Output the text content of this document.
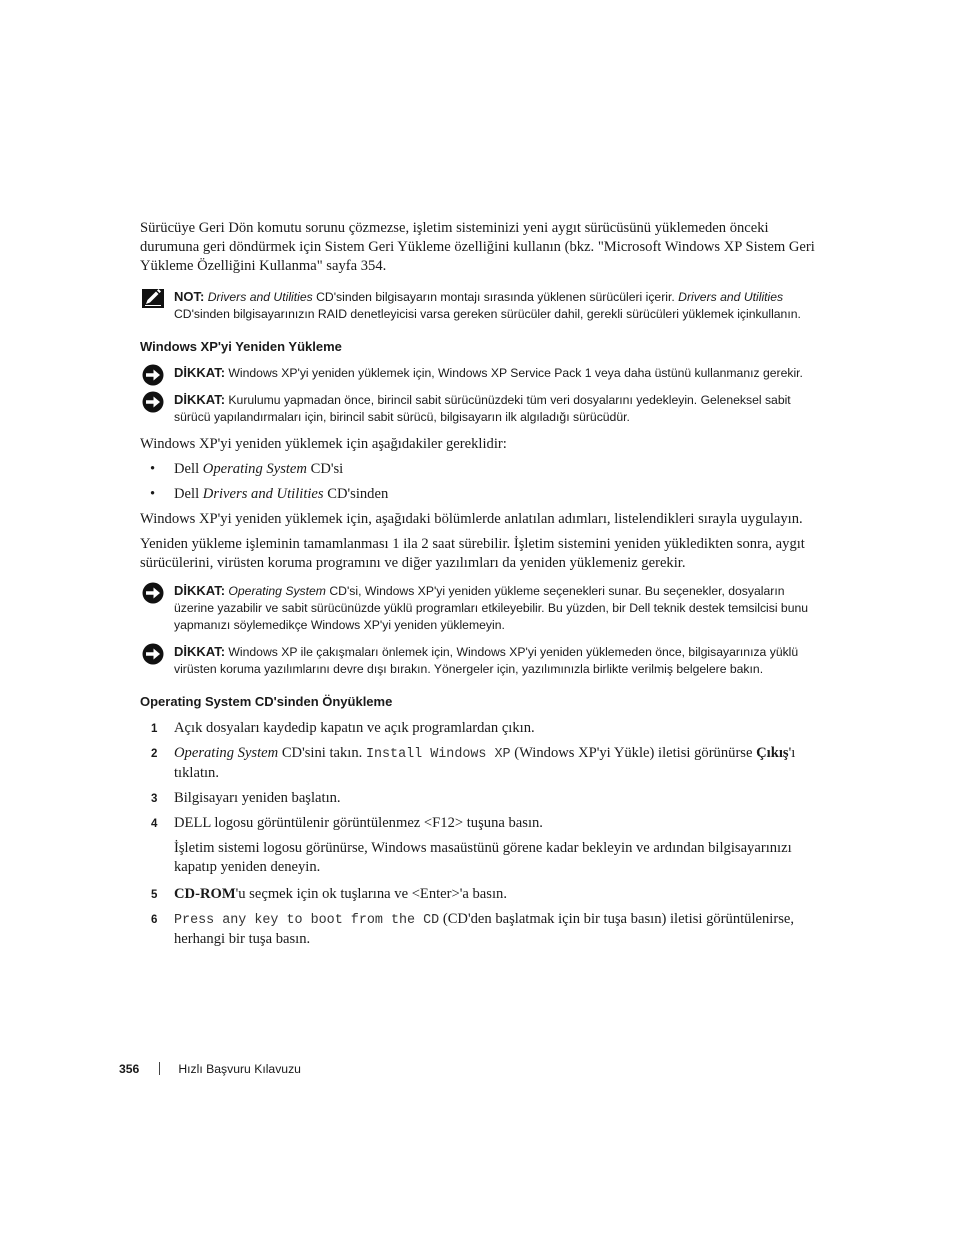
Sürücüye Geri Dön komutu sorunu çözmezse, işletim sisteminizi yeni aygıt sürücüsünü yüklemeden önceki durumuna geri döndürmek için Sistem Geri Yükleme özelliğini kullanın (bkz. "Microsoft Windows XP Sistem Geri Yükleme Özelliğini Kullanma" sayfa 354.

NOT: Drivers and Utilities CD'sinden bilgisayarın montajı sırasında yüklenen sürücüleri içerir. Drivers and Utilities CD'sinden bilgisayarınızın RAID denetleyicisi varsa gereken sürücüler dahil, gerekli sürücüleri yüklemek içinkullanın.
Windows XP'yi Yeniden Yükleme
DİKKAT: Windows XP'yi yeniden yüklemek için, Windows XP Service Pack 1 veya daha üstünü kullanmanız gerekir.
DİKKAT: Kurulumu yapmadan önce, birincil sabit sürücünüzdeki tüm veri dosyalarını yedekleyin. Geleneksel sabit sürücü yapılandırmaları için, birincil sabit sürücü, bilgisayarın ilk algıladığı sürücüdür.

Windows XP'yi yeniden yüklemek için aşağıdakiler gereklidir:

• Dell Operating System CD'si
• Dell Drivers and Utilities CD'sinden

Windows XP'yi yeniden yüklemek için, aşağıdaki bölümlerde anlatılan adımları, listelendikleri sırayla uygulayın.

Yeniden yükleme işleminin tamamlanması 1 ila 2 saat sürebilir. İşletim sistemini yeniden yükledikten sonra, aygıt sürücülerini, virüsten koruma programını ve diğer yazılımları da yeniden yüklemeniz gerekir.

DİKKAT: Operating System CD'si, Windows XP'yi yeniden yükleme seçenekleri sunar. Bu seçenekler, dosyaların üzerine yazabilir ve sabit sürücünüzde yüklü programları etkileyebilir. Bu yüzden, bir Dell teknik destek temsilcisi bunu yapmanızı söylemedikçe Windows XP'yi yeniden yüklemeyin.
DİKKAT: Windows XP ile çakışmaları önlemek için, Windows XP'yi yeniden yüklemeden önce, bilgisayarınıza yüklü virüsten koruma yazılımlarını devre dışı bırakın. Yönergeler için, yazılımınızla birlikte verilmiş belgelere bakın.
Operating System CD'sinden Önyükleme
1 Açık dosyaları kaydedip kapatın ve açık programlardan çıkın.
2 Operating System CD'sini takın. Install Windows XP (Windows XP'yi Yükle) iletisi görünürse Çıkış'ı tıklatın.
3 Bilgisayarı yeniden başlatın.
4 DELL logosu görüntülenir görüntülenmez <F12> tuşuna basın.
İşletim sistemi logosu görünürse, Windows masaüstünü görene kadar bekleyin ve ardından bilgisayarınızı kapatıp yeniden deneyin.
5 CD-ROM'u seçmek için ok tuşlarına ve <Enter>'a basın.
6 Press any key to boot from the CD (CD'den başlatmak için bir tuşa basın) iletisi görüntülenirse, herhangi bir tuşa basın.
356	Hızlı Başvuru Kılavuzu
